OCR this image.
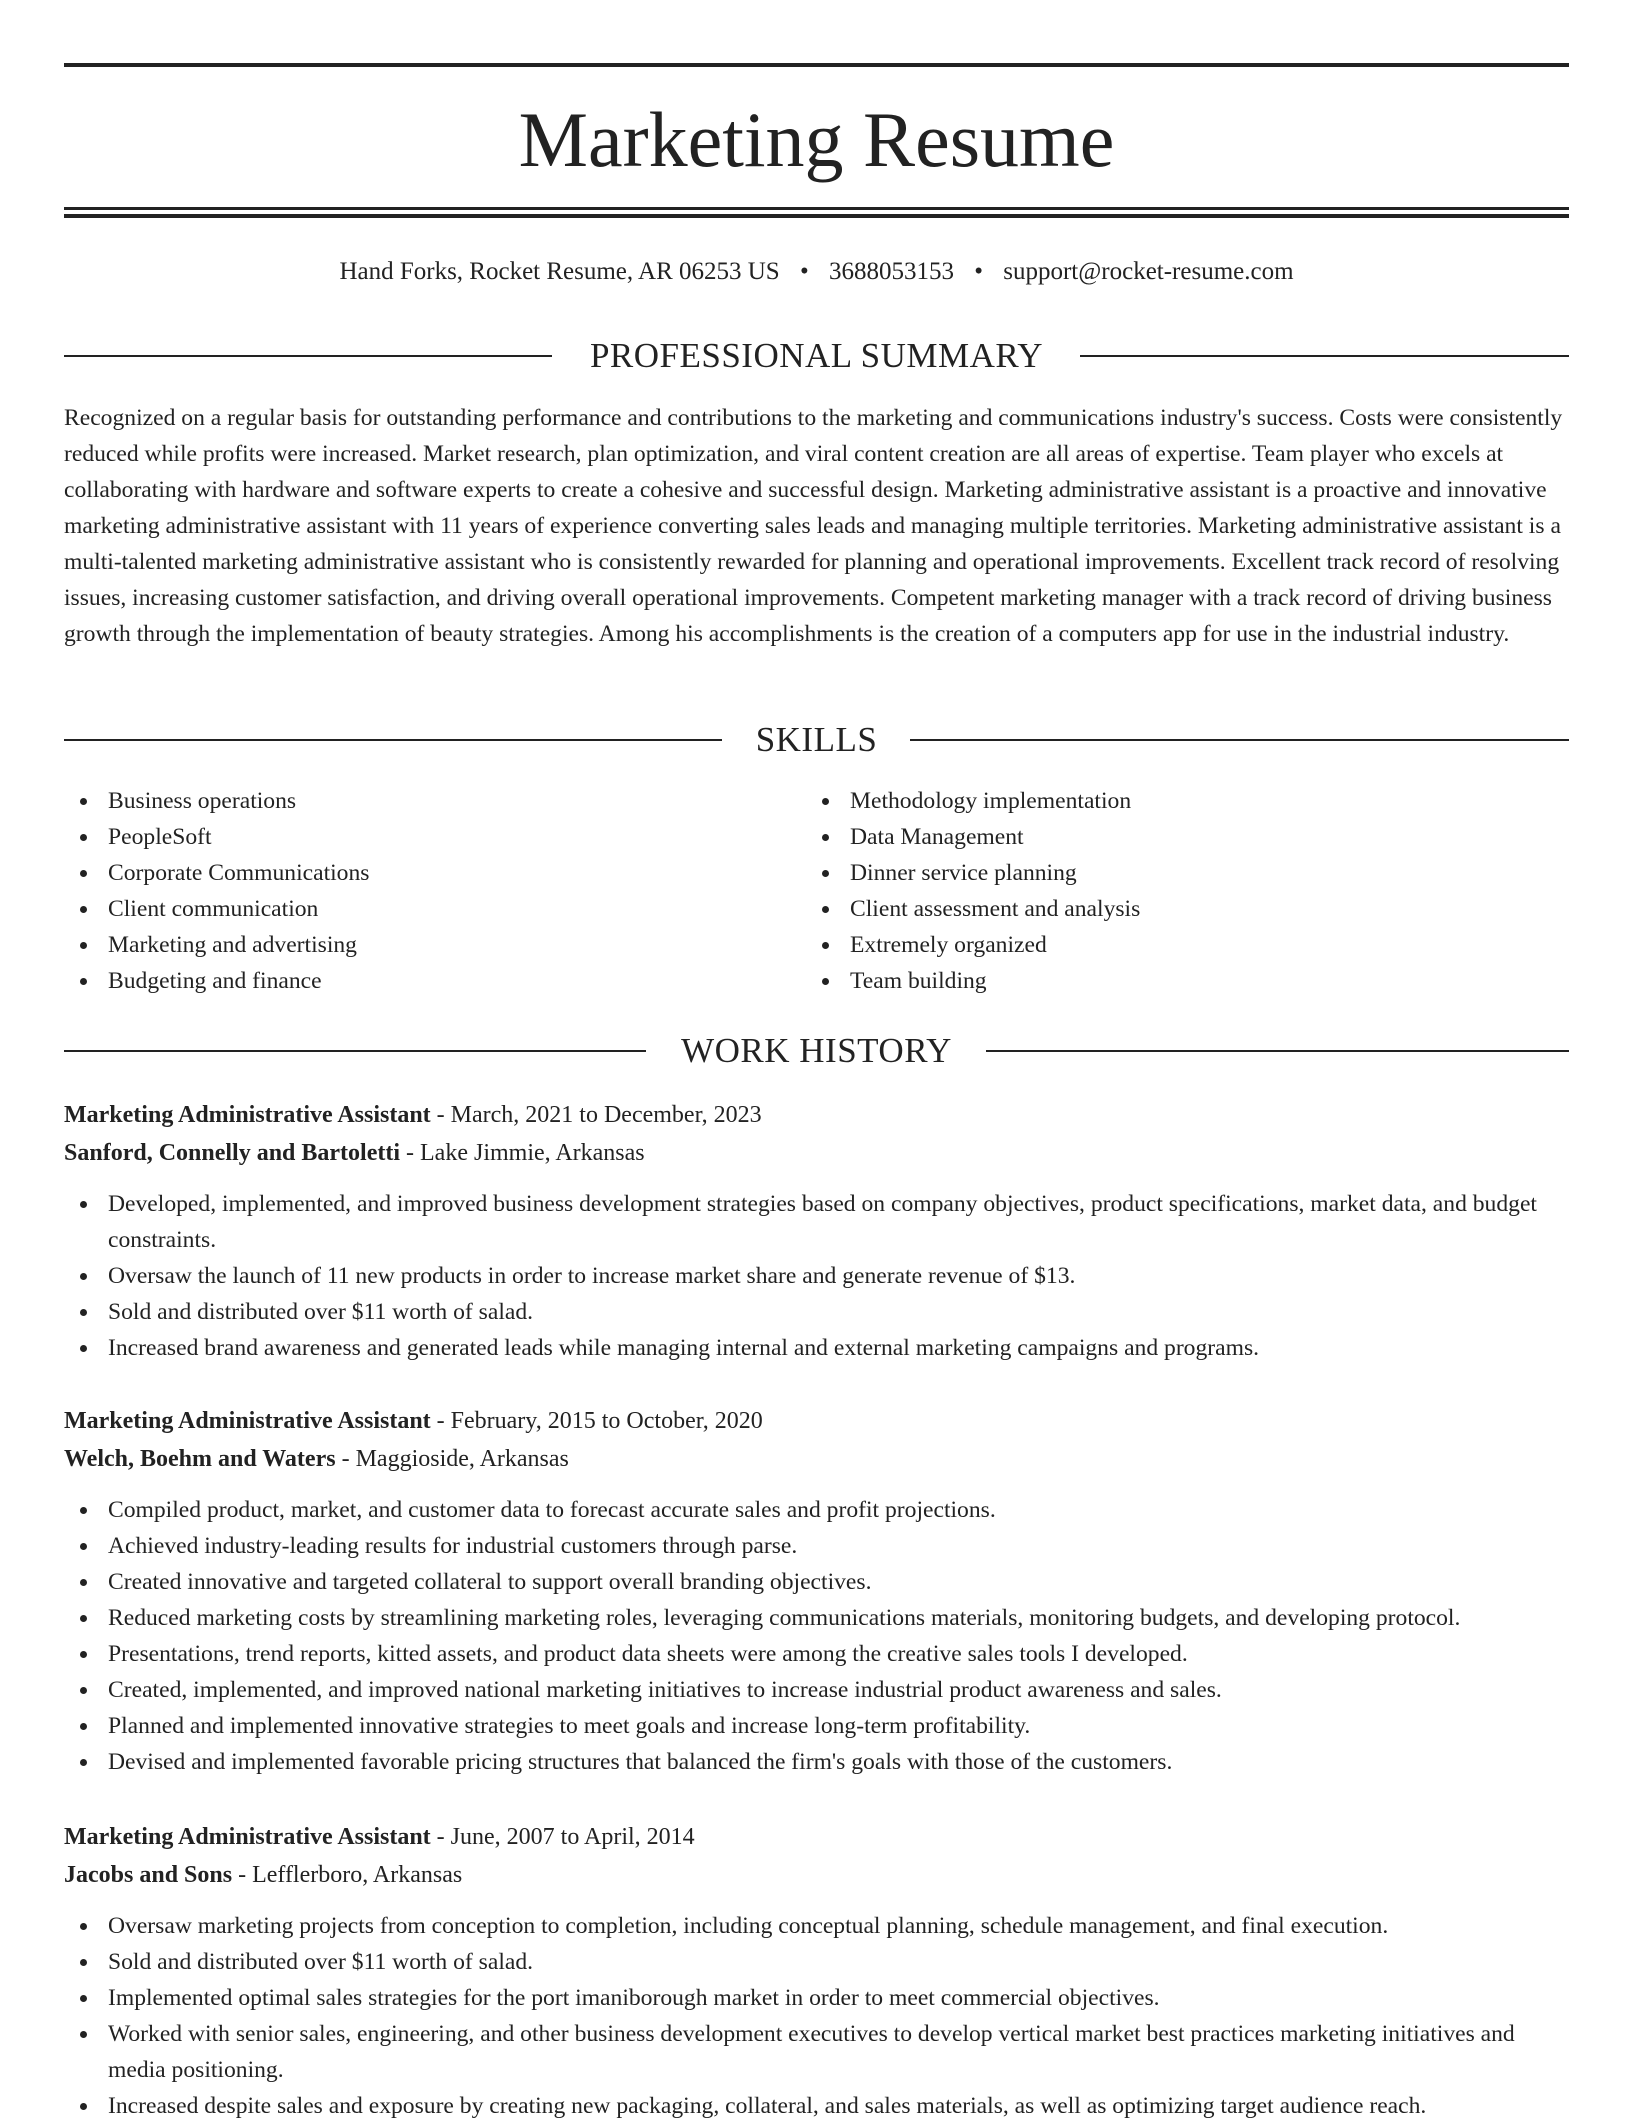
Marketing Resume
Hand Forks, Rocket Resume, AR 06253 US • 3688053153 • support@rocket-resume.com
PROFESSIONAL SUMMARY

Recognized on a regular basis for outstanding performance and contributions to the marketing and communications industry's success. Costs were consistently reduced while profits were increased. Market research, plan optimization, and viral content creation are all areas of expertise. Team player who excels at collaborating with hardware and software experts to create a cohesive and successful design. Marketing administrative assistant is a proactive and innovative marketing administrative assistant with 11 years of experience converting sales leads and managing multiple territories. Marketing administrative assistant is a multi-talented marketing administrative assistant who is consistently rewarded for planning and operational improvements. Excellent track record of resolving issues, increasing customer satisfaction, and driving overall operational improvements. Competent marketing manager with a track record of driving business growth through the implementation of beauty strategies. Among his accomplishments is the creation of a computers app for use in the industrial industry.

SKILLS
Business operations
PeopleSoft
Corporate Communications
Client communication
Marketing and advertising
Budgeting and finance
Methodology implementation
Data Management
Dinner service planning
Client assessment and analysis
Extremely organized
Team building
WORK HISTORY
Marketing Administrative Assistant - March, 2021 to December, 2023
Sanford, Connelly and Bartoletti - Lake Jimmie, Arkansas
Developed, implemented, and improved business development strategies based on company objectives, product specifications, market data, and budget constraints.
Oversaw the launch of 11 new products in order to increase market share and generate revenue of $13.
Sold and distributed over $11 worth of salad.
Increased brand awareness and generated leads while managing internal and external marketing campaigns and programs.
Marketing Administrative Assistant - February, 2015 to October, 2020
Welch, Boehm and Waters - Maggioside, Arkansas
Compiled product, market, and customer data to forecast accurate sales and profit projections.
Achieved industry-leading results for industrial customers through parse.
Created innovative and targeted collateral to support overall branding objectives.
Reduced marketing costs by streamlining marketing roles, leveraging communications materials, monitoring budgets, and developing protocol.
Presentations, trend reports, kitted assets, and product data sheets were among the creative sales tools I developed.
Created, implemented, and improved national marketing initiatives to increase industrial product awareness and sales.
Planned and implemented innovative strategies to meet goals and increase long-term profitability.
Devised and implemented favorable pricing structures that balanced the firm's goals with those of the customers.
Marketing Administrative Assistant - June, 2007 to April, 2014
Jacobs and Sons - Lefflerboro, Arkansas
Oversaw marketing projects from conception to completion, including conceptual planning, schedule management, and final execution.
Sold and distributed over $11 worth of salad.
Implemented optimal sales strategies for the port imaniborough market in order to meet commercial objectives.
Worked with senior sales, engineering, and other business development executives to develop vertical market best practices marketing initiatives and media positioning.
Increased despite sales and exposure by creating new packaging, collateral, and sales materials, as well as optimizing target audience reach.
